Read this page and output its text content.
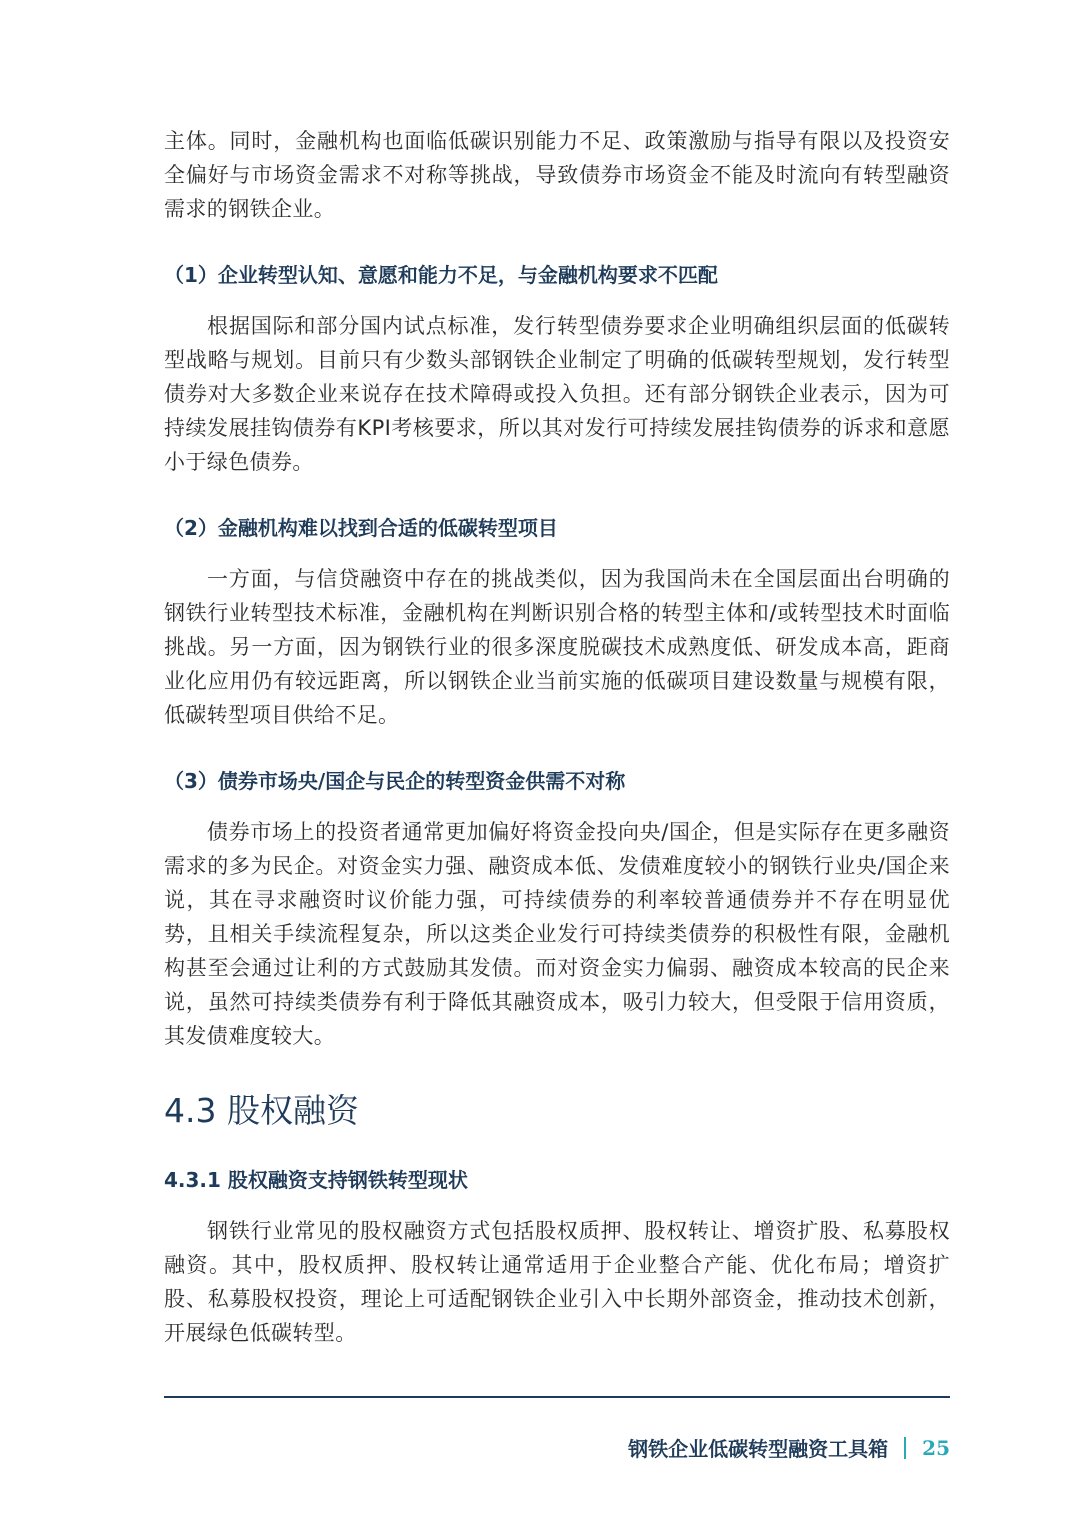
主体。同时，金融机构也面临低碳识别能力不足、政策激励与指导有限以及投资安全偏好与市场资金需求不对称等挑战，导致债券市场资金不能及时流向有转型融资需求的钢铁企业。

（1）企业转型认知、意愿和能力不足，与金融机构要求不匹配

根据国际和部分国内试点标准，发行转型债券要求企业明确组织层面的低碳转型战略与规划。目前只有少数头部钢铁企业制定了明确的低碳转型规划，发行转型债券对大多数企业来说存在技术障碍或投入负担。还有部分钢铁企业表示，因为可持续发展挂钩债券有KPI考核要求，所以其对发行可持续发展挂钩债券的诉求和意愿小于绿色债券。

（2）金融机构难以找到合适的低碳转型项目

一方面，与信贷融资中存在的挑战类似，因为我国尚未在全国层面出台明确的钢铁行业转型技术标准，金融机构在判断识别合格的转型主体和/或转型技术时面临挑战。另一方面，因为钢铁行业的很多深度脱碳技术成熟度低、研发成本高，距商业化应用仍有较远距离，所以钢铁企业当前实施的低碳项目建设数量与规模有限，低碳转型项目供给不足。

（3）债券市场央/国企与民企的转型资金供需不对称

债券市场上的投资者通常更加偏好将资金投向央/国企，但是实际存在更多融资需求的多为民企。对资金实力强、融资成本低、发债难度较小的钢铁行业央/国企来说，其在寻求融资时议价能力强，可持续债券的利率较普通债券并不存在明显优势，且相关手续流程复杂，所以这类企业发行可持续类债券的积极性有限，金融机构甚至会通过让利的方式鼓励其发债。而对资金实力偏弱、融资成本较高的民企来说，虽然可持续类债券有利于降低其融资成本，吸引力较大，但受限于信用资质，其发债难度较大。

4.3 股权融资
4.3.1 股权融资支持钢铁转型现状

钢铁行业常见的股权融资方式包括股权质押、股权转让、增资扩股、私募股权融资。其中，股权质押、股权转让通常适用于企业整合产能、优化布局；增资扩股、私募股权投资，理论上可适配钢铁企业引入中长期外部资金，推动技术创新，开展绿色低碳转型。

钢铁企业低碳转型融资工具箱 25
